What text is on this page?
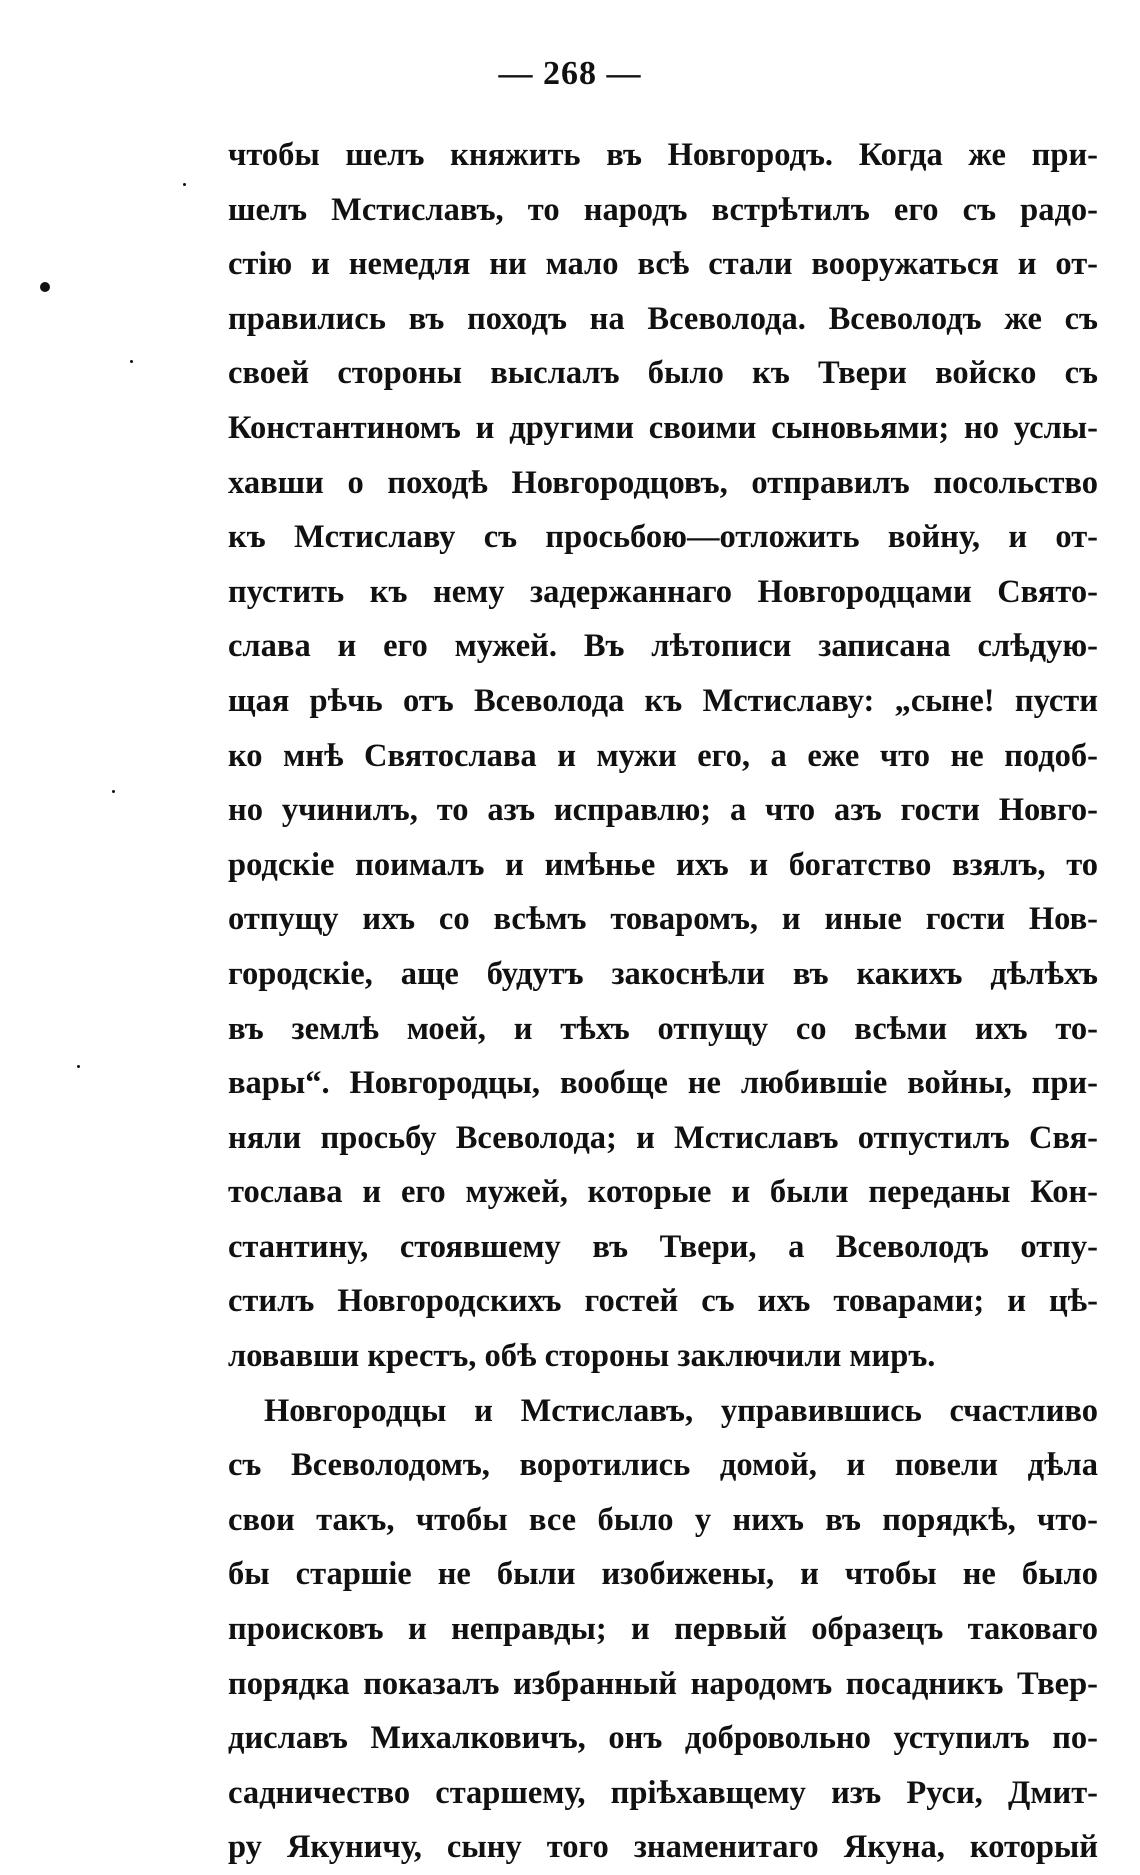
— 268 —
чтобы шелъ княжить въ Новгородъ. Когда же при-
шелъ Мстиславъ, то народъ встрѣтилъ его съ радо-
стію и немедля ни мало всѣ стали вооружаться и от-
правились въ походъ на Всеволода. Всеволодъ же съ
своей стороны выслалъ было къ Твери войско съ
Константиномъ и другими своими сыновьями; но услы-
хавши о походѣ Новгородцовъ, отправилъ посольство
къ Мстиславу съ просьбою—отложить войну, и от-
пустить къ нему задержаннаго Новгородцами Свято-
слава и его мужей. Въ лѣтописи записана слѣдую-
щая рѣчь отъ Всеволода къ Мстиславу: „сыне! пусти
ко мнѣ Святослава и мужи его, а еже что не подоб-
но учинилъ, то азъ исправлю; а что азъ гости Новго-
родскіе поималъ и имѣнье ихъ и богатство взялъ, то
отпущу ихъ со всѣмъ товаромъ, и иные гости Нов-
городскіе, аще будутъ закоснѣли въ какихъ дѣлѣхъ
въ землѣ моей, и тѣхъ отпущу со всѣми ихъ то-
вары“. Новгородцы, вообще не любившіе войны, при-
няли просьбу Всеволода; и Мстиславъ отпустилъ Свя-
тослава и его мужей, которые и были переданы Кон-
стантину, стоявшему въ Твери, а Всеволодъ отпу-
стилъ Новгородскихъ гостей съ ихъ товарами; и цѣ-
ловавши крестъ, обѣ стороны заключили миръ.
Новгородцы и Мстиславъ, управившись счастливо
съ Всеволодомъ, воротились домой, и повели дѣла
свои такъ, чтобы все было у нихъ въ порядкѣ, что-
бы старшіе не были изобижены, и чтобы не было
происковъ и неправды; и первый образецъ таковаго
порядка показалъ избранный народомъ посадникъ Твер-
диславъ Михалковичъ, онъ добровольно уступилъ по-
садничество старшему, пріѣхавщему изъ Руси, Дмит-
ру Якуничу, сыну того знаменитаго Якуна, который
